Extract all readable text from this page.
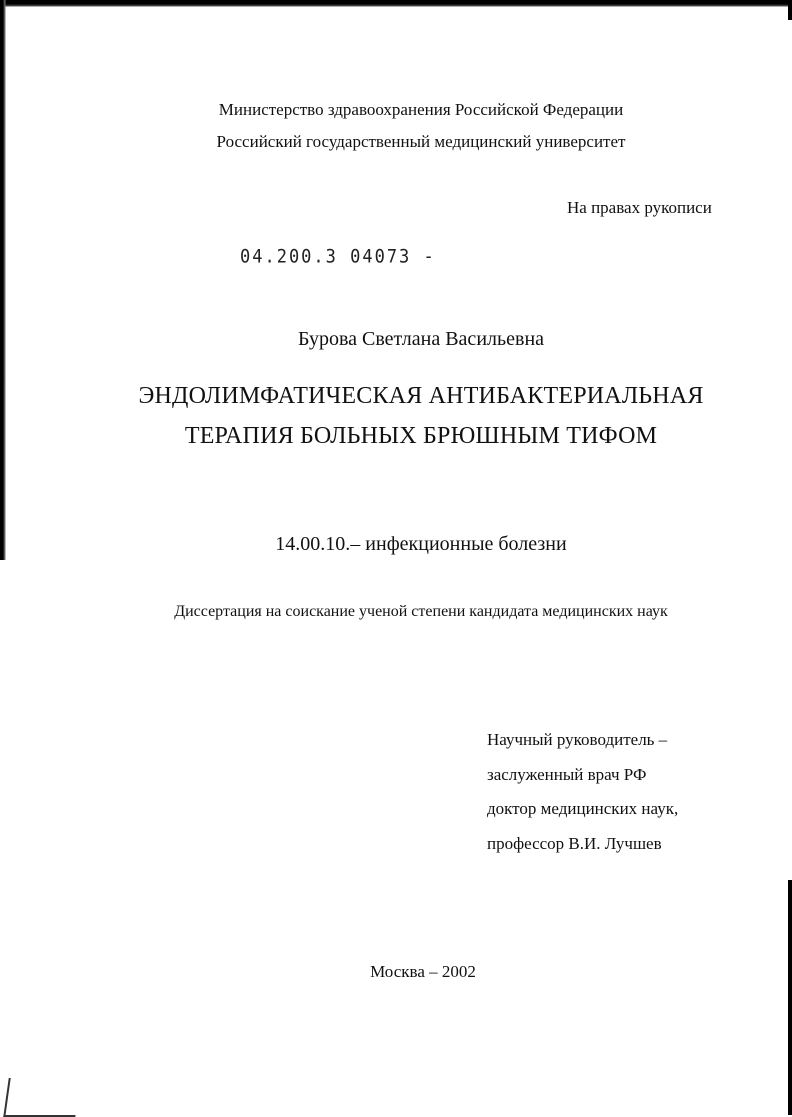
Министерство здравоохранения Российской Федерации
Российский государственный медицинский университет
На правах рукописи
04.200.3 04073 -
Бурова Светлана Васильевна
ЭНДОЛИМФАТИЧЕСКАЯ АНТИБАКТЕРИАЛЬНАЯ
ТЕРАПИЯ БОЛЬНЫХ БРЮШНЫМ ТИФОМ
14.00.10.– инфекционные болезни
Диссертация на соискание ученой степени кандидата медицинских наук
Научный руководитель –
заслуженный врач РФ
доктор медицинских наук,
профессор В.И. Лучшев
Москва – 2002
